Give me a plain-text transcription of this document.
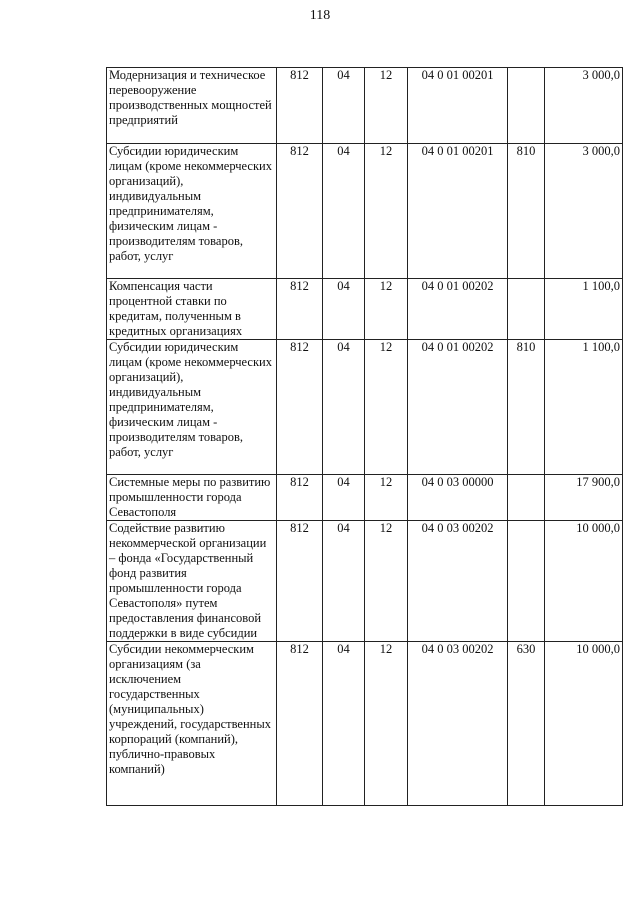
118
Модернизация и техническое перевооружение производственных мощностей предприятий	812	04	12	04 0 01 00201		3 000,0
Субсидии юридическим лицам (кроме некоммерческих организаций), индивидуальным предпринимателям, физическим лицам - производителям товаров, работ, услуг	812	04	12	04 0 01 00201	810	3 000,0
Компенсация части процентной ставки по кредитам, полученным в кредитных организациях	812	04	12	04 0 01 00202		1 100,0
Субсидии юридическим лицам (кроме некоммерческих организаций), индивидуальным предпринимателям, физическим лицам - производителям товаров, работ, услуг	812	04	12	04 0 01 00202	810	1 100,0
Системные меры по развитию промышленности города Севастополя	812	04	12	04 0 03 00000		17 900,0
Содействие развитию некоммерческой организации – фонда «Государственный фонд развития промышленности города Севастополя» путем предоставления финансовой поддержки в виде субсидии	812	04	12	04 0 03 00202		10 000,0
Субсидии некоммерческим организациям (за исключением государственных (муниципальных) учреждений, государственных корпораций (компаний), публично-правовых компаний)	812	04	12	04 0 03 00202	630	10 000,0
